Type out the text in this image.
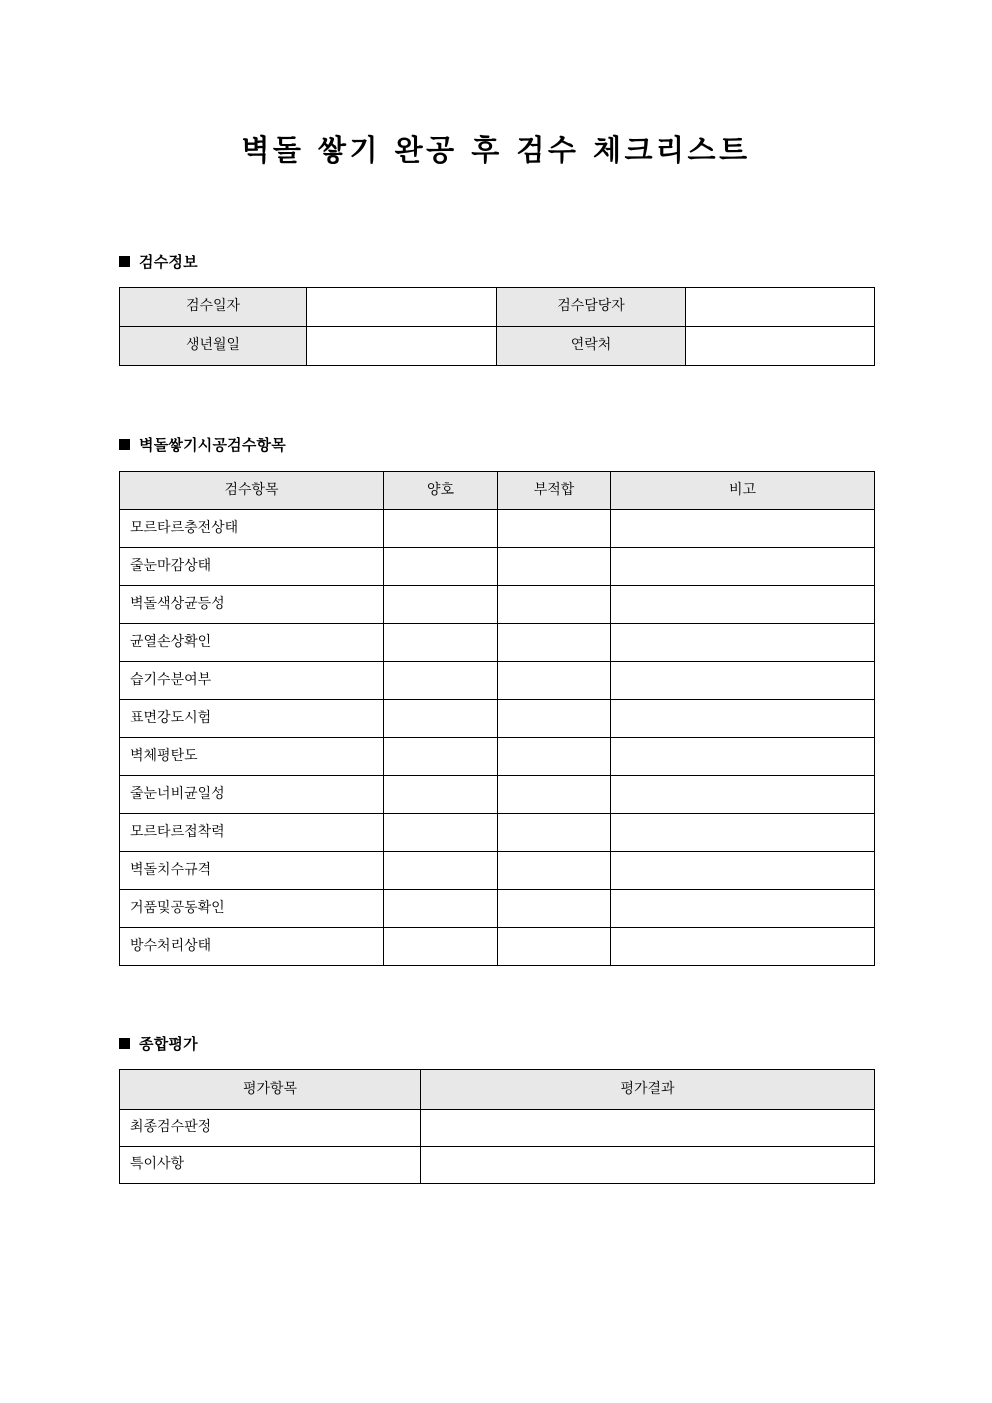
벽돌 쌓기 완공 후 검수 체크리스트
검수정보
검수일자		검수담당자	
생년월일		연락처	
벽돌쌓기시공검수항목
검수항목	양호	부적합	비고
모르타르충전상태			
줄눈마감상태			
벽돌색상균등성			
균열손상확인			
습기수분여부			
표면강도시험			
벽체평탄도			
줄눈너비균일성			
모르타르접착력			
벽돌치수규격			
거품및공동확인			
방수처리상태			
종합평가
평가항목	평가결과
최종검수판정	
특이사항	
